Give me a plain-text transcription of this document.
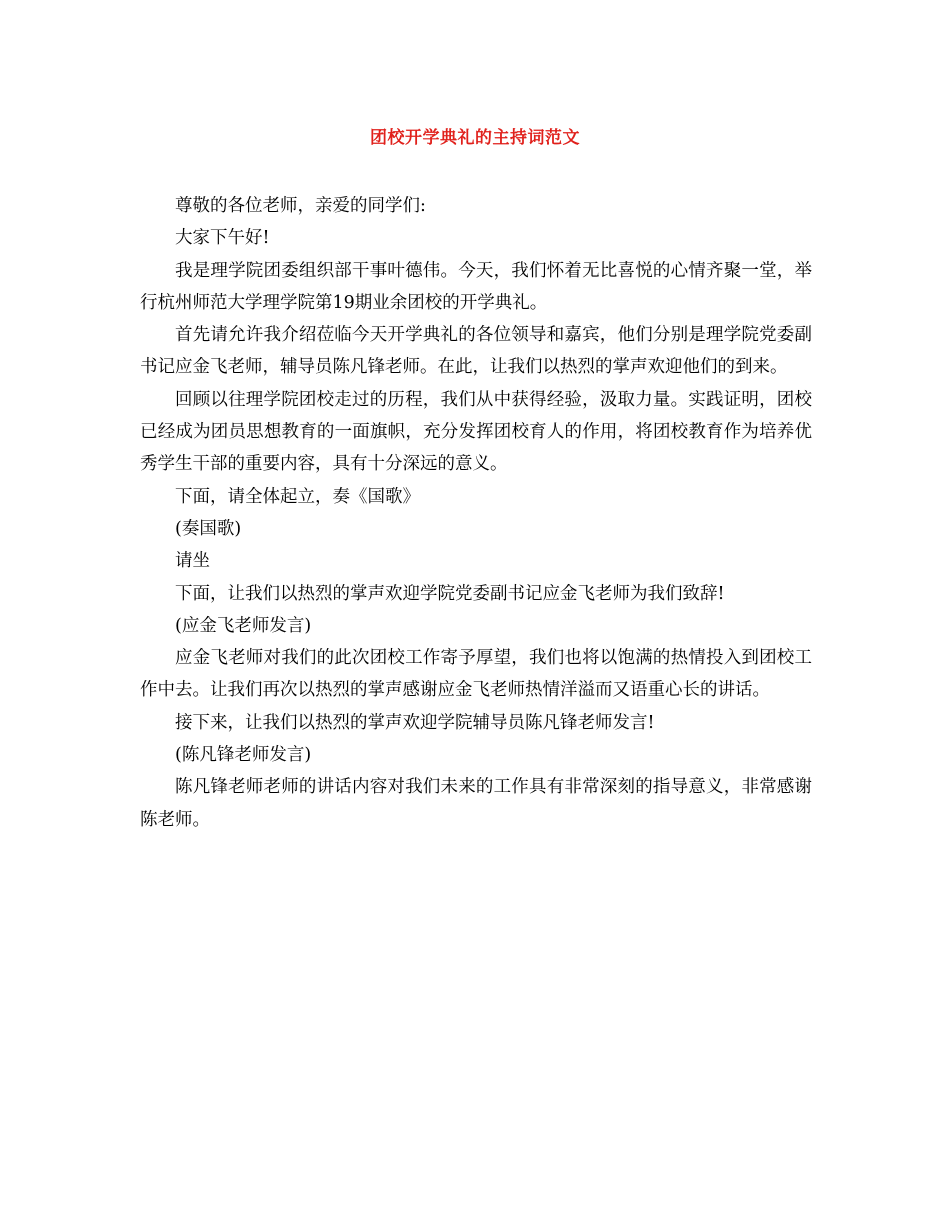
团校开学典礼的主持词范文

尊敬的各位老师，亲爱的同学们:

大家下午好!

我是理学院团委组织部干事叶德伟。今天，我们怀着无比喜悦的心情齐聚一堂，举行杭州师范大学理学院第19期业余团校的开学典礼。

首先请允许我介绍莅临今天开学典礼的各位领导和嘉宾，他们分别是理学院党委副书记应金飞老师，辅导员陈凡锋老师。在此，让我们以热烈的掌声欢迎他们的到来。

回顾以往理学院团校走过的历程，我们从中获得经验，汲取力量。实践证明，团校已经成为团员思想教育的一面旗帜，充分发挥团校育人的作用，将团校教育作为培养优秀学生干部的重要内容，具有十分深远的意义。

下面，请全体起立，奏《国歌》

(奏国歌)

请坐

下面，让我们以热烈的掌声欢迎学院党委副书记应金飞老师为我们致辞!

(应金飞老师发言)

应金飞老师对我们的此次团校工作寄予厚望，我们也将以饱满的热情投入到团校工作中去。让我们再次以热烈的掌声感谢应金飞老师热情洋溢而又语重心长的讲话。

接下来，让我们以热烈的掌声欢迎学院辅导员陈凡锋老师发言!

(陈凡锋老师发言)

陈凡锋老师老师的讲话内容对我们未来的工作具有非常深刻的指导意义，非常感谢陈老师。
